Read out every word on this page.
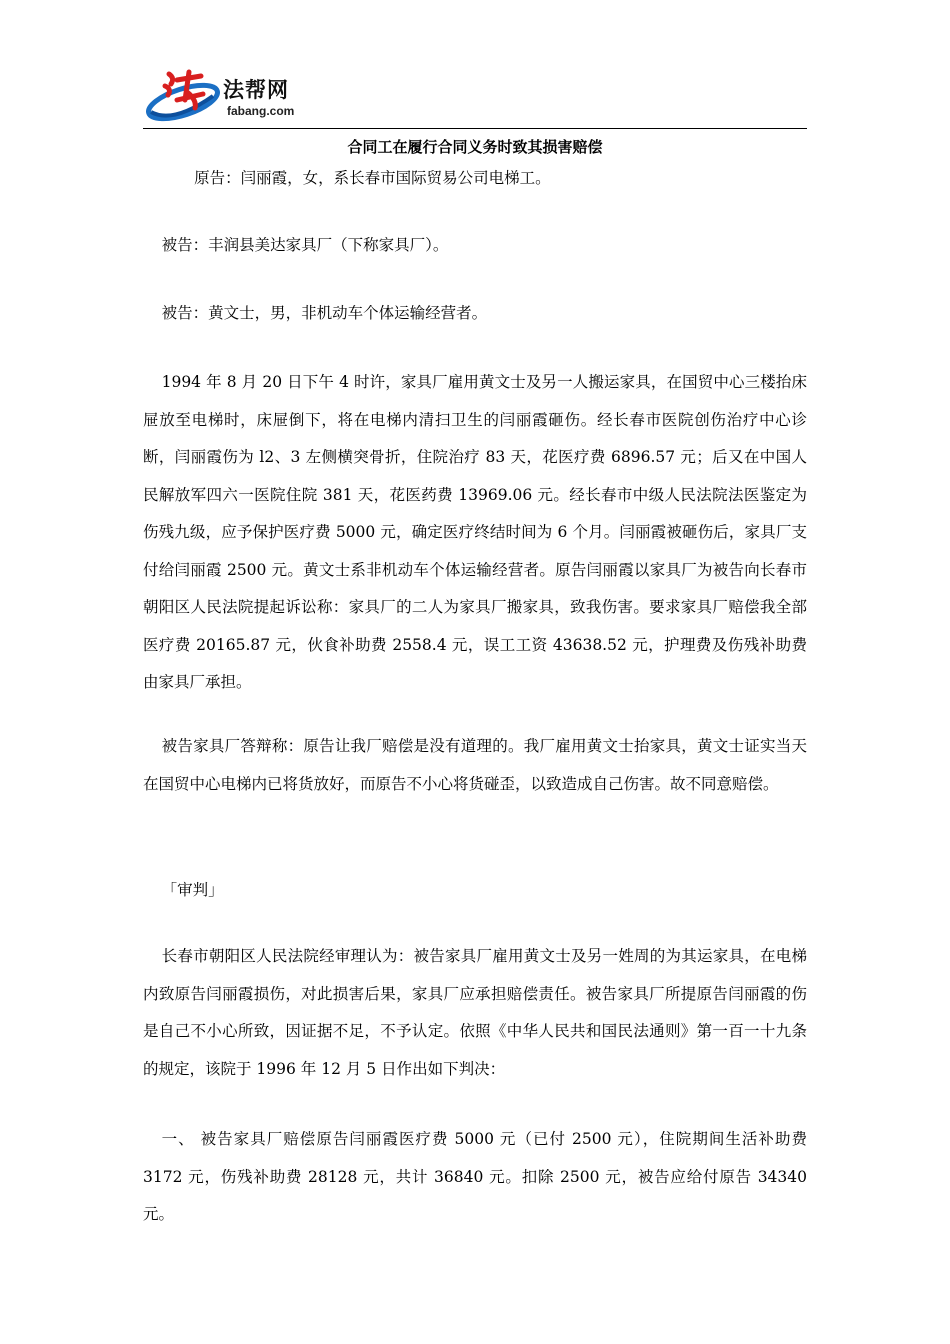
法帮网
fabang.com
合同工在履行合同义务时致其损害赔偿
原告：闫丽霞，女，系长春市国际贸易公司电梯工。
被告：丰润县美达家具厂（下称家具厂）。
被告：黄文士，男，非机动车个体运输经营者。
1994 年 8 月 20 日下午 4 时许，家具厂雇用黄文士及另一人搬运家具，在国贸中心三楼抬床屉放至电梯时，床屉倒下，将在电梯内清扫卫生的闫丽霞砸伤。经长春市医院创伤治疗中心诊断，闫丽霞伤为 l2、3 左侧横突骨折，住院治疗 83 天，花医疗费 6896.57 元；后又在中国人民解放军四六一医院住院 381 天，花医药费 13969.06 元。经长春市中级人民法院法医鉴定为伤残九级，应予保护医疗费 5000 元，确定医疗终结时间为 6 个月。闫丽霞被砸伤后，家具厂支付给闫丽霞 2500 元。黄文士系非机动车个体运输经营者。原告闫丽霞以家具厂为被告向长春市朝阳区人民法院提起诉讼称：家具厂的二人为家具厂搬家具，致我伤害。要求家具厂赔偿我全部医疗费 20165.87 元，伙食补助费 2558.4 元，误工工资 43638.52 元，护理费及伤残补助费由家具厂承担。
被告家具厂答辩称：原告让我厂赔偿是没有道理的。我厂雇用黄文士抬家具，黄文士证实当天在国贸中心电梯内已将货放好，而原告不小心将货碰歪，以致造成自己伤害。故不同意赔偿。
「审判」
长春市朝阳区人民法院经审理认为：被告家具厂雇用黄文士及另一姓周的为其运家具，在电梯内致原告闫丽霞损伤，对此损害后果，家具厂应承担赔偿责任。被告家具厂所提原告闫丽霞的伤是自己不小心所致，因证据不足，不予认定。依照《中华人民共和国民法通则》第一百一十九条的规定，该院于 1996 年 12 月 5 日作出如下判决：
一、 被告家具厂赔偿原告闫丽霞医疗费 5000 元（已付 2500 元），住院期间生活补助费 3172 元，伤残补助费 28128 元，共计 36840 元。扣除 2500 元，被告应给付原告 34340 元。
